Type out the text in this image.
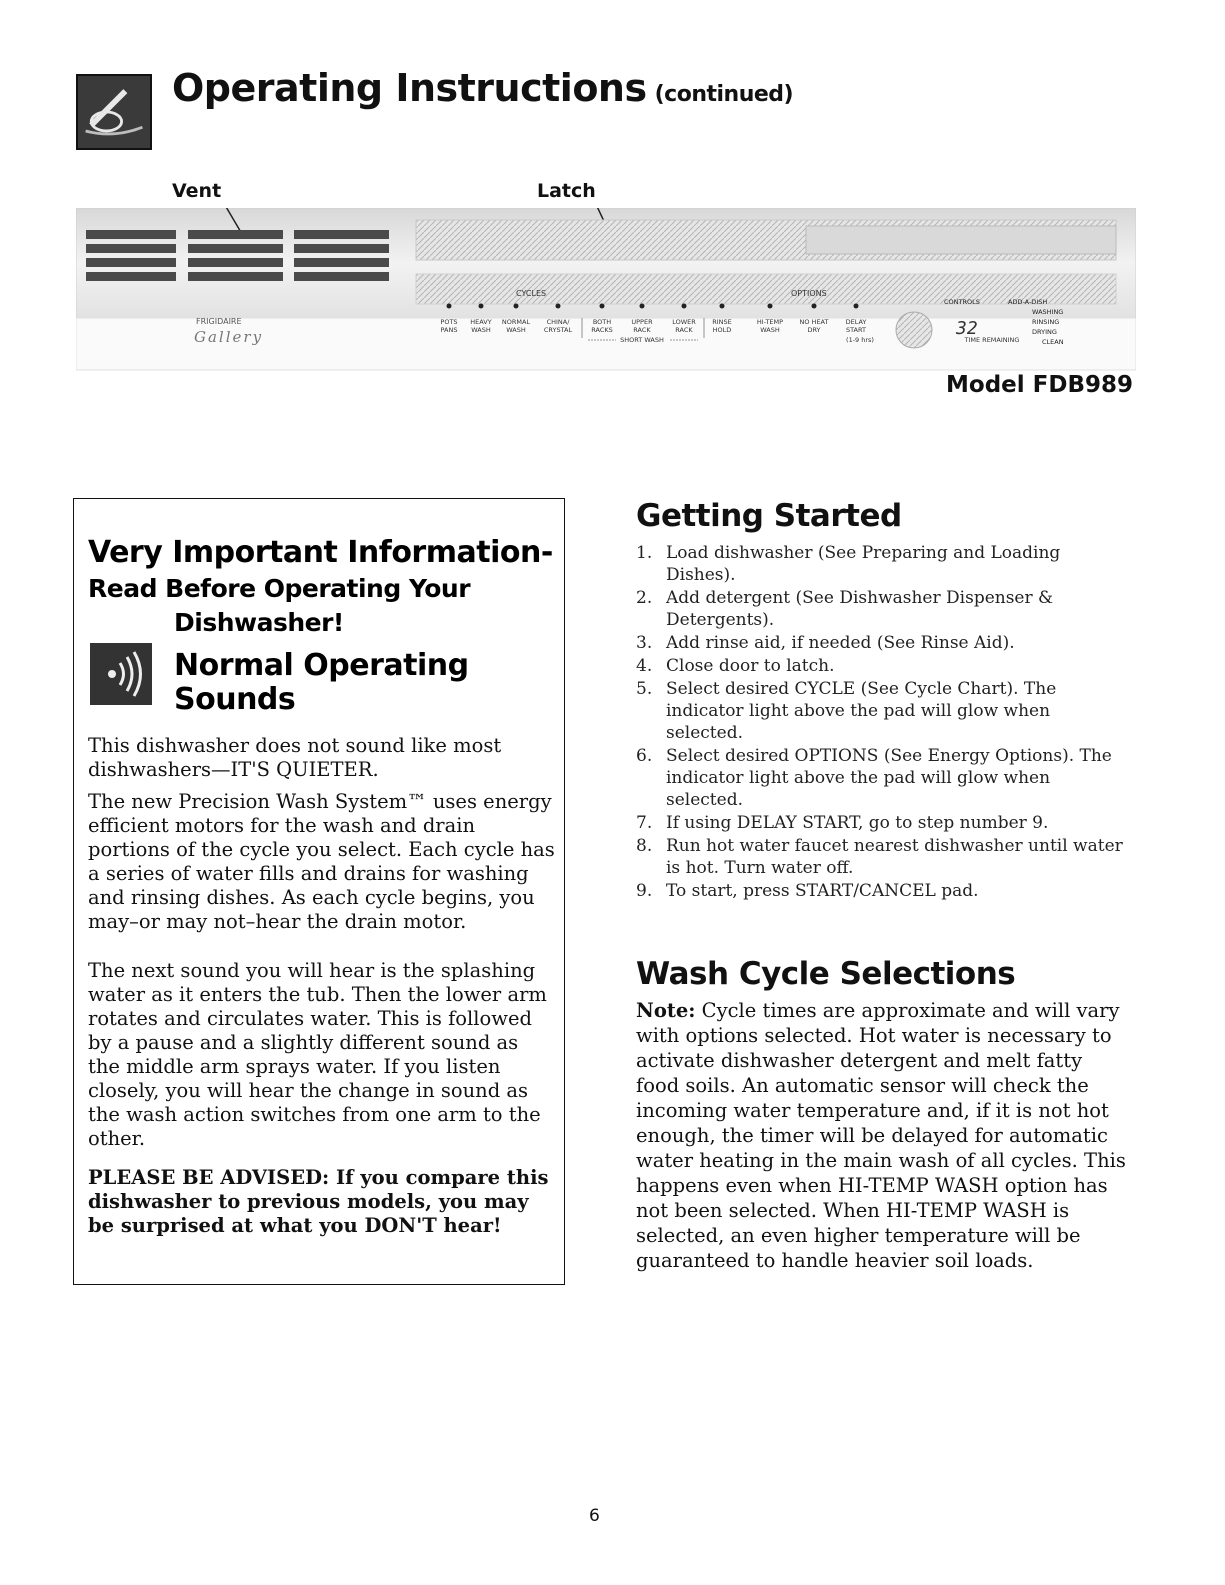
Operating Instructions (continued)
Vent	Latch
FRIGIDAIRE
Gallery
CYCLES	OPTIONS
POTS
PANS
HEAVY
WASH
NORMAL
WASH
CHINA/
CRYSTAL
BOTH
RACKS
UPPER
RACK
LOWER
RACK
RINSE
HOLD
HI-TEMP
WASH
NO HEAT
DRY
DELAY
START
SHORT WASH	(1-9 hrs)	TIME REMAINING
CONTROLS	ADD-A-DISH
WASHING
RINSING
DRYING
CLEAN
32
Model FDB989
Very Important Information-
Read Before Operating Your
Dishwasher!
Normal Operating Sounds

This dishwasher does not sound like most dishwashers—IT'S QUIETER.

The new Precision Wash System™ uses energy efficient motors for the wash and drain portions of the cycle you select. Each cycle has a series of water fills and drains for washing and rinsing dishes. As each cycle begins, you may–or may not–hear the drain motor.

The next sound you will hear is the splashing water as it enters the tub. Then the lower arm rotates and circulates water. This is followed by a pause and a slightly different sound as the middle arm sprays water. If you listen closely, you will hear the change in sound as the wash action switches from one arm to the other.

PLEASE BE ADVISED: If you compare this dishwasher to previous models, you may be surprised at what you DON'T hear!

Getting Started
1. Load dishwasher (See Preparing and Loading Dishes).
2. Add detergent (See Dishwasher Dispenser & Detergents).
3. Add rinse aid, if needed (See Rinse Aid).
4. Close door to latch.
5. Select desired CYCLE (See Cycle Chart). The indicator light above the pad will glow when selected.
6. Select desired OPTIONS (See Energy Options). The indicator light above the pad will glow when selected.
7. If using DELAY START, go to step number 9.
8. Run hot water faucet nearest dishwasher until water is hot. Turn water off.
9. To start, press START/CANCEL pad.
Wash Cycle Selections

Note: Cycle times are approximate and will vary with options selected. Hot water is necessary to activate dishwasher detergent and melt fatty food soils. An automatic sensor will check the incoming water temperature and, if it is not hot enough, the timer will be delayed for automatic water heating in the main wash of all cycles. This happens even when HI-TEMP WASH option has not been selected. When HI-TEMP WASH is selected, an even higher temperature will be guaranteed to handle heavier soil loads.

6
